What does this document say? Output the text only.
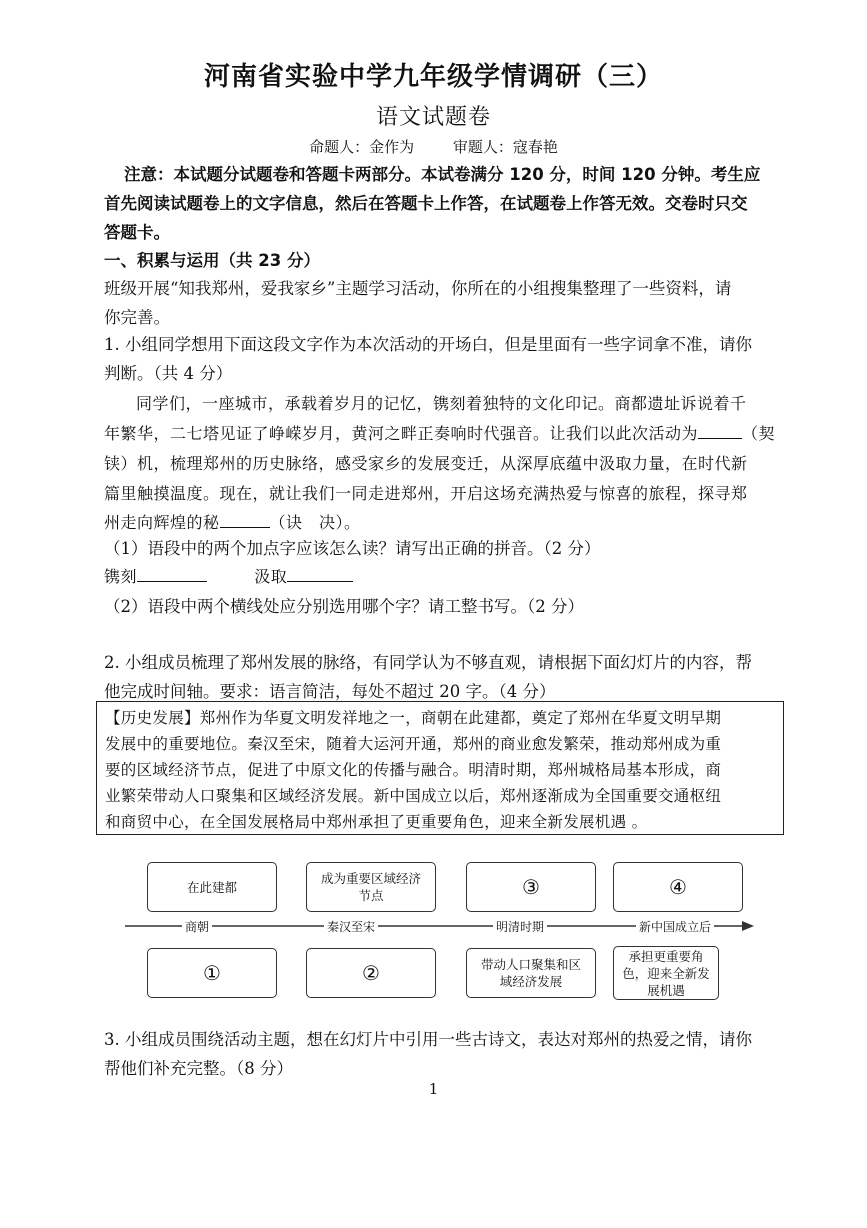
河南省实验中学九年级学情调研（三）
语文试题卷
命题人：金作为	审题人：寇春艳
注意：本试题分试题卷和答题卡两部分。本试卷满分 120 分，时间 120 分钟。考生应
首先阅读试题卷上的文字信息，然后在答题卡上作答，在试题卷上作答无效。交卷时只交
答题卡。
一、积累与运用（共 23 分）
班级开展“知我郑州，爱我家乡”主题学习活动，你所在的小组搜集整理了一些资料，请
你完善。
1. 小组同学想用下面这段文字作为本次活动的开场白，但是里面有一些字词拿不准，请你
判断。（共 4 分）
同学们，一座城市，承载着岁月的记忆，镌刻着独特的文化印记。商都遗址诉说着千
年繁华，二七塔见证了峥嵘岁月，黄河之畔正奏响时代强音。让我们以此次活动为	（契
铗）机，梳理郑州的历史脉络，感受家乡的发展变迁，从深厚底蕴中汲取力量，在时代新
篇里触摸温度。现在，就让我们一同走进郑州，开启这场充满热爱与惊喜的旅程，探寻郑
州走向辉煌的秘	（诀　决）。
（1）语段中的两个加点字应该怎么读？请写出正确的拼音。（2 分）
镌刻	汲取
（2）语段中两个横线处应分别选用哪个字？请工整书写。（2 分）
2. 小组成员梳理了郑州发展的脉络，有同学认为不够直观，请根据下面幻灯片的内容，帮
他完成时间轴。要求：语言简洁，每处不超过 20 字。（4 分）
【历史发展】郑州作为华夏文明发祥地之一，商朝在此建都，奠定了郑州在华夏文明早期
发展中的重要地位。秦汉至宋，随着大运河开通，郑州的商业愈发繁荣，推动郑州成为重
要的区域经济节点，促进了中原文化的传播与融合。明清时期，郑州城格局基本形成，商
业繁荣带动人口聚集和区域经济发展。新中国成立以后，郑州逐渐成为全国重要交通枢纽
和商贸中心，在全国发展格局中郑州承担了更重要角色，迎来全新发展机遇 。
在此建都
成为重要区域经济节点	③	④
商朝	秦汉至宋	明清时期	新中国成立后
①	②	带动人口聚集和区域经济发展
承担更重要角色，迎来全新发展机遇
3. 小组成员围绕活动主题，想在幻灯片中引用一些古诗文，表达对郑州的热爱之情，请你
帮他们补充完整。（8 分）
1
